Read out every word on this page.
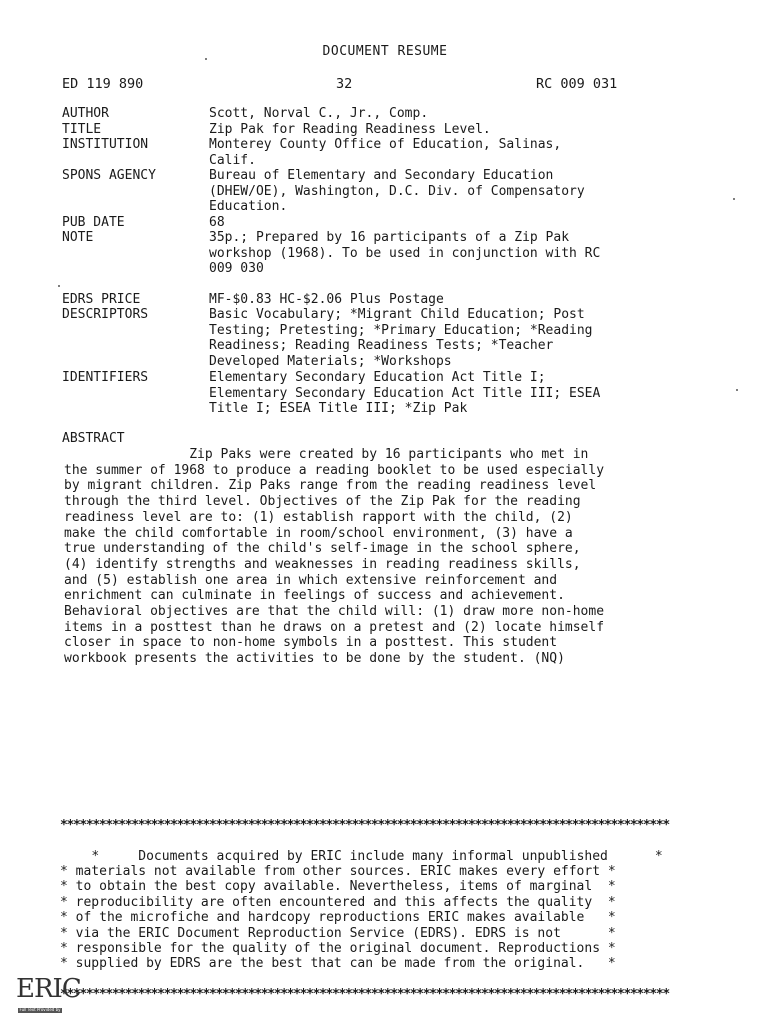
DOCUMENT RESUME
ED 119 890	32	RC 009 031
AUTHOR	Scott, Norval C., Jr., Comp.
TITLE	Zip Pak for Reading Readiness Level.
INSTITUTION	Monterey County Office of Education, Salinas,
Calif.
SPONS AGENCY	Bureau of Elementary and Secondary Education
(DHEW/OE), Washington, D.C. Div. of Compensatory
Education.
PUB DATE	68
NOTE	35p.; Prepared by 16 participants of a Zip Pak
workshop (1968). To be used in conjunction with RC
009 030
EDRS PRICE	MF-$0.83 HC-$2.06 Plus Postage
DESCRIPTORS	Basic Vocabulary; *Migrant Child Education; Post
Testing; Pretesting; *Primary Education; *Reading
Readiness; Reading Readiness Tests; *Teacher
Developed Materials; *Workshops
IDENTIFIERS	Elementary Secondary Education Act Title I;
Elementary Secondary Education Act Title III; ESEA
Title I; ESEA Title III; *Zip Pak
ABSTRACT
Zip Paks were created by 16 participants who met in
the summer of 1968 to produce a reading booklet to be used especially
by migrant children. Zip Paks range from the reading readiness level
through the third level. Objectives of the Zip Pak for the reading
readiness level are to: (1) establish rapport with the child, (2)
make the child comfortable in room/school environment, (3) have a
true understanding of the child's self-image in the school sphere,
(4) identify strengths and weaknesses in reading readiness skills,
and (5) establish one area in which extensive reinforcement and
enrichment can culminate in feelings of success and achievement.
Behavioral objectives are that the child will: (1) draw more non-home
items in a posttest than he draws on a pretest and (2) locate himself
closer in space to non-home symbols in a posttest. This student
workbook presents the activities to be done by the student. (NQ)

**********************************************************************************************

*     Documents acquired by ERIC include many informal unpublished      *
* materials not available from other sources. ERIC makes every effort *
* to obtain the best copy available. Nevertheless, items of marginal  *
* reproducibility are often encountered and this affects the quality  *
* of the microfiche and hardcopy reproductions ERIC makes available   *
* via the ERIC Document Reproduction Service (EDRS). EDRS is not      *
* responsible for the quality of the original document. Reproductions *
* supplied by EDRS are the best that can be made from the original.   *

**********************************************************************************************

ERIC
Full Text Provided by ERIC
